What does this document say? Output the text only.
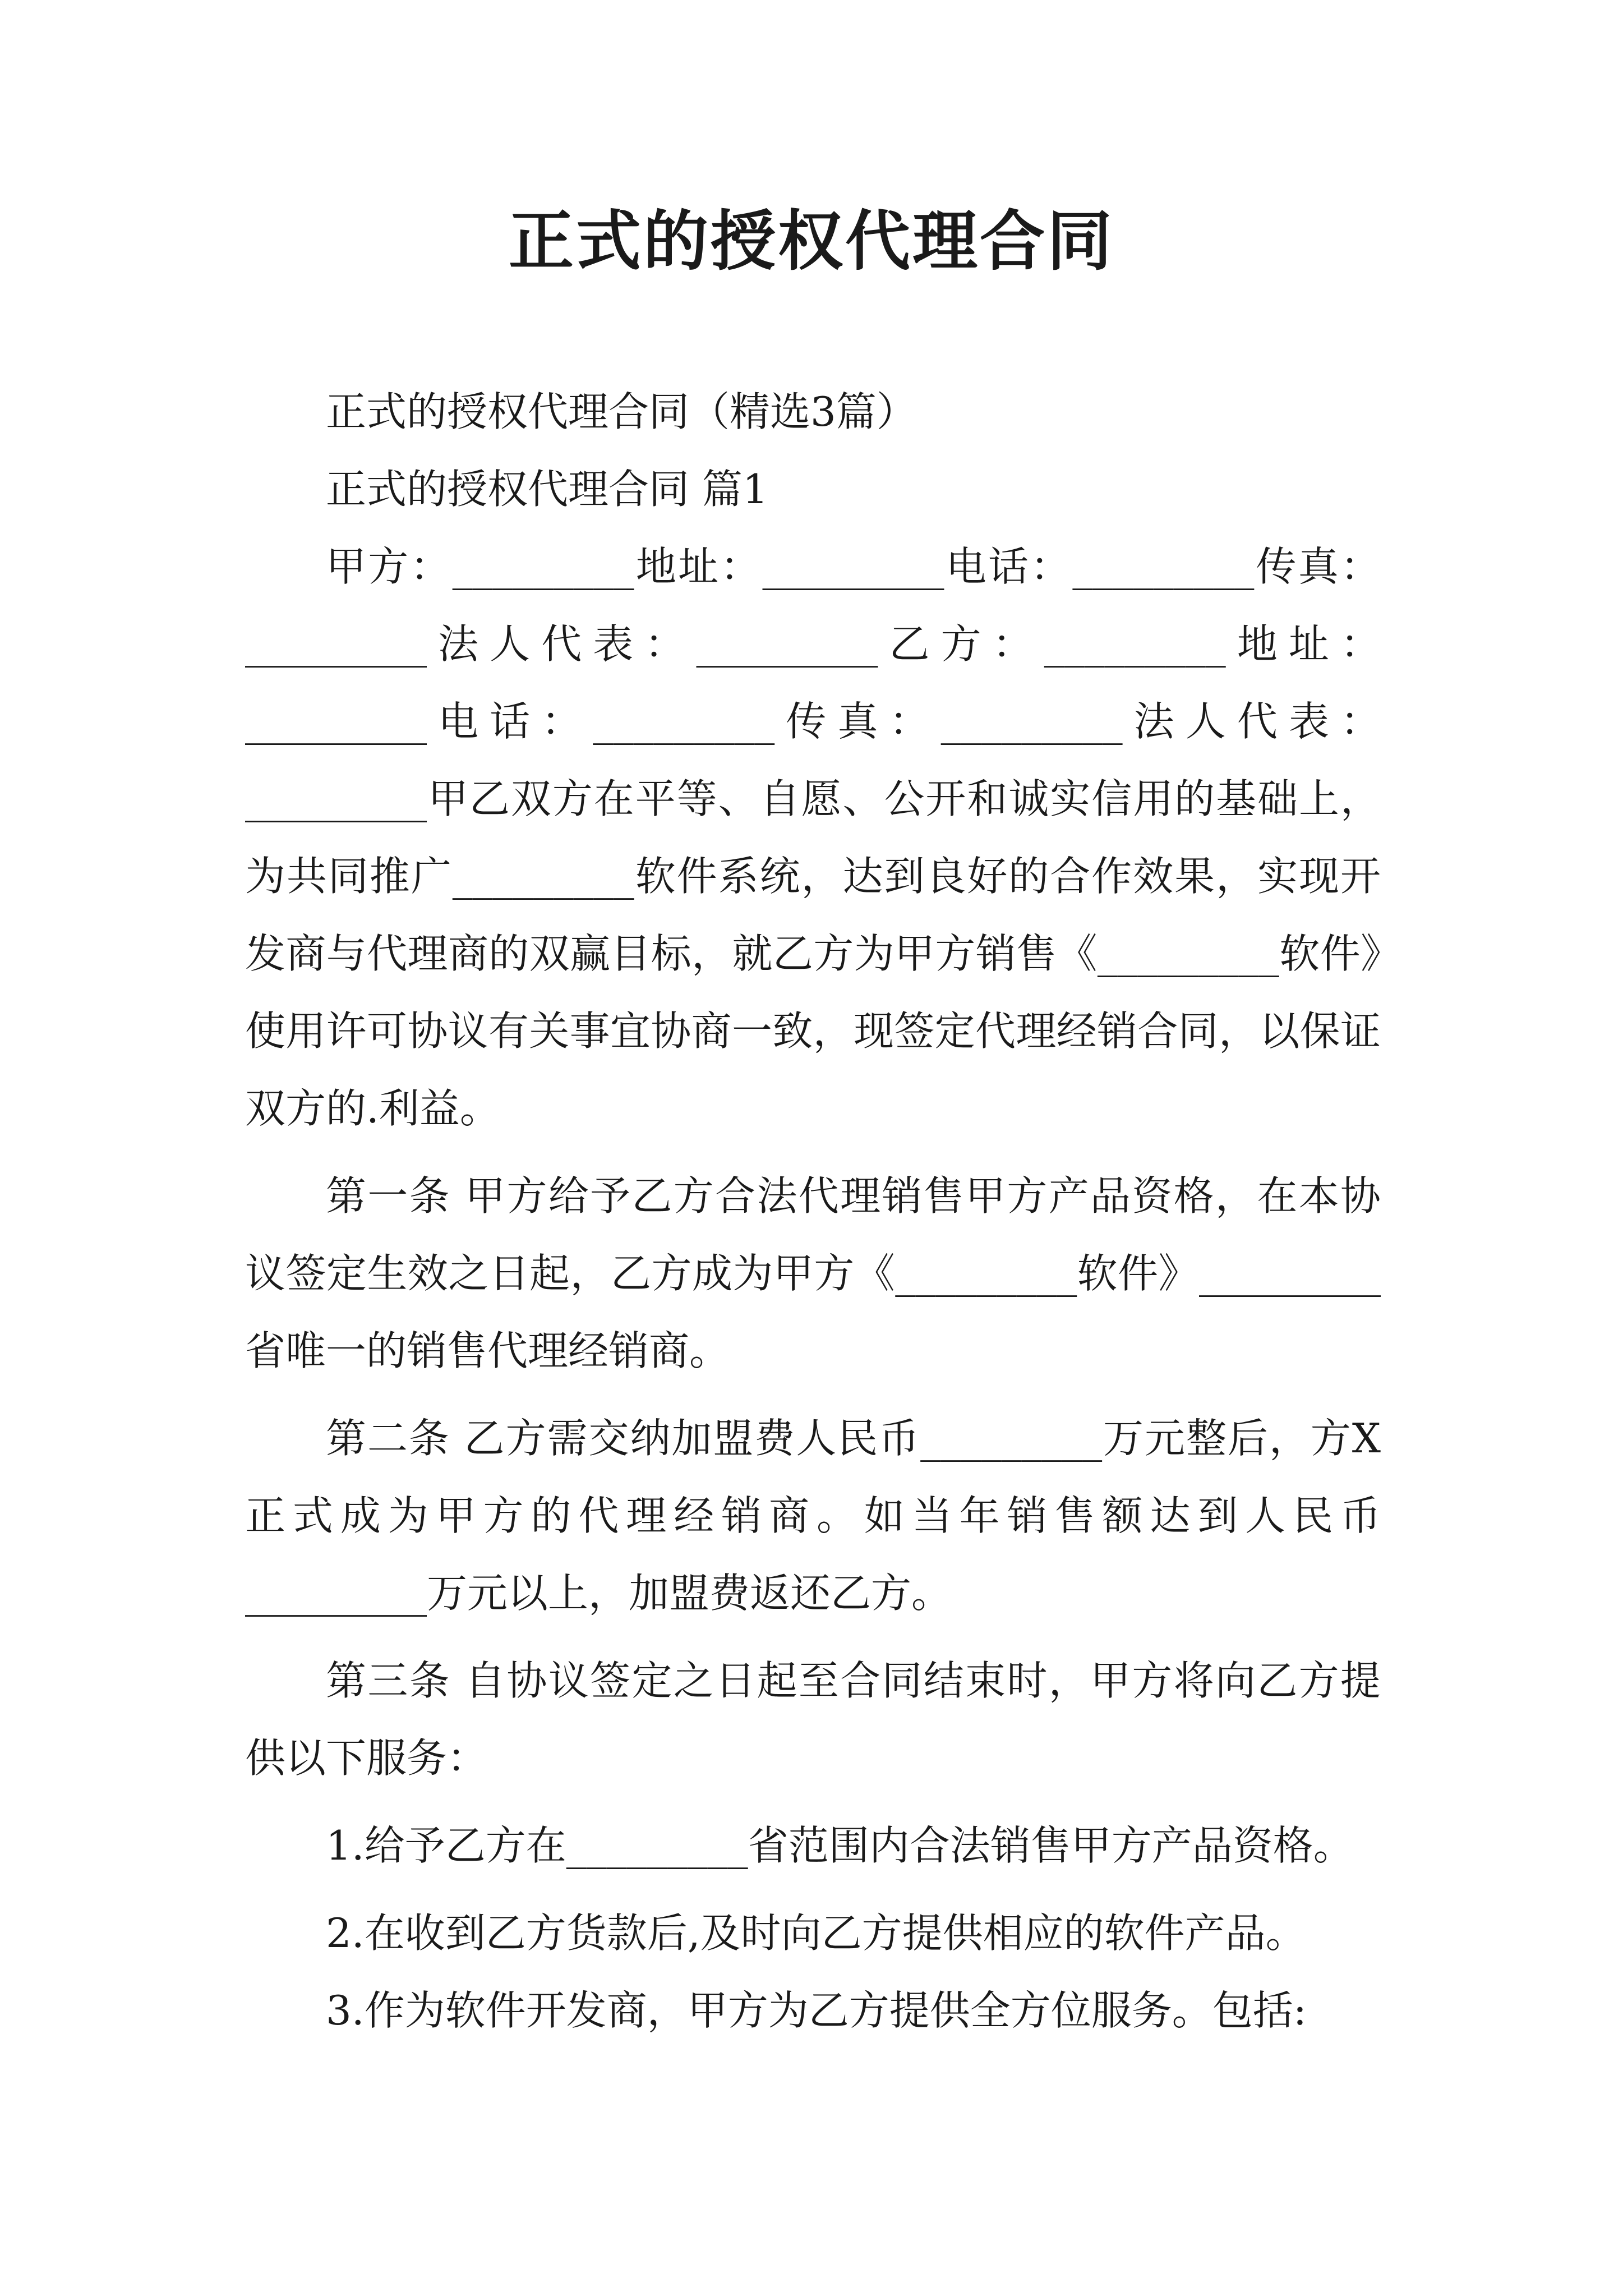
正式的授权代理合同

正式的授权代理合同（精选3篇）

正式的授权代理合同 篇1

甲方：_________地址：_________电话：_________传真：_________法人代表：_________乙方：_________地址：_________电话：_________传真：_________法人代表：_________甲乙双方在平等、自愿、公开和诚实信用的基础上，为共同推广_________软件系统，达到良好的合作效果，实现开发商与代理商的双赢目标，就乙方为甲方销售《_________软件》使用许可协议有关事宜协商一致，现签定代理经销合同，以保证双方的.利益。

第一条 甲方给予乙方合法代理销售甲方产品资格，在本协议签定生效之日起，乙方成为甲方《_________软件》_________省唯一的销售代理经销商。

第二条 乙方需交纳加盟费人民币_________万元整后，方X正式成为甲方的代理经销商。如当年销售额达到人民币_________万元以上，加盟费返还乙方。

第三条 自协议签定之日起至合同结束时，甲方将向乙方提供以下服务：

1.给予乙方在_________省范围内合法销售甲方产品资格。

2.在收到乙方货款后,及时向乙方提供相应的软件产品。

3.作为软件开发商，甲方为乙方提供全方位服务。包括:
